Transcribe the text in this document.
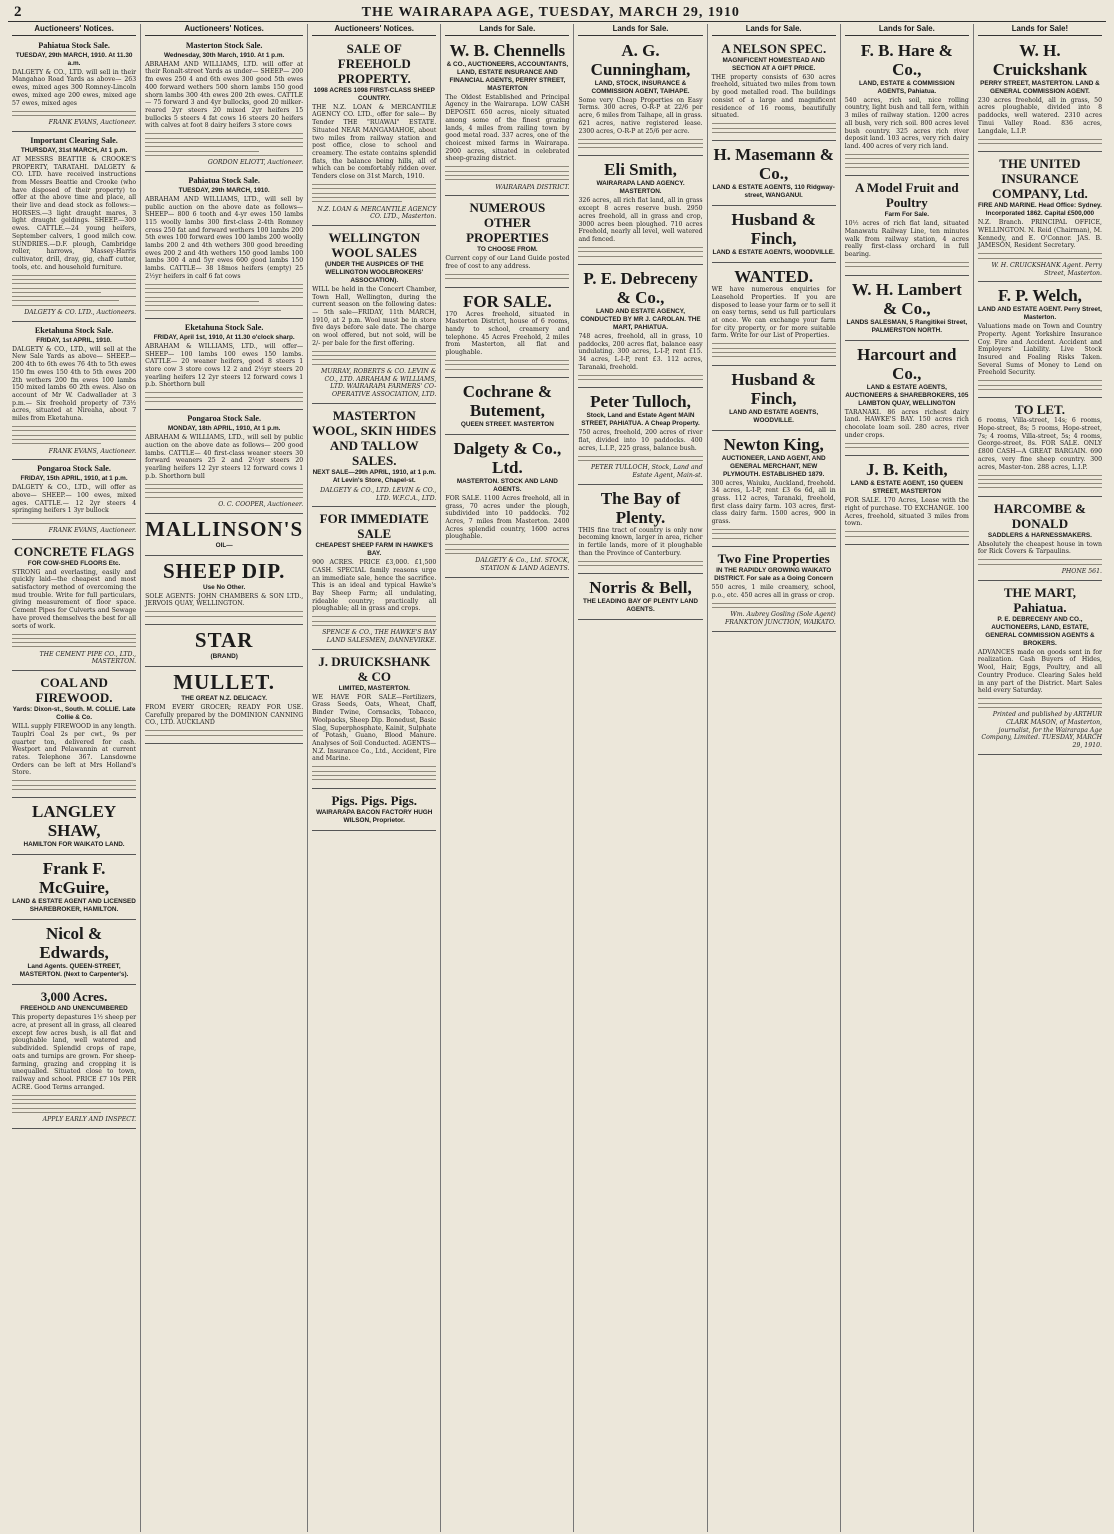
2	THE WAIRARAPA AGE, TUESDAY, MARCH 29, 1910
Auctioneers' Notices.
Pahiatua Stock Sale.
TUESDAY, 29th MARCH, 1910. At 11.30 a.m.
DALGETY & CO., LTD. will sell in their Mangahao Road Yards as above— 263 ewes, mixed ages 300 Romney-Lincoln ewes, mixed age 200 ewes, mixed age 57 ewes, mixed ages
FRANK EVANS, Auctioneer.
Important Clearing Sale.
THURSDAY, 31st MARCH, At 1 p.m.
AT MESSRS BEATTIE & CROOKE'S PROPERTY, TARATAHI. DALGETY & CO. LTD. have received instructions from Messrs Beattie and Crooke (who have disposed of their property) to offer at the above time and place, all their live and dead stock as follows:— HORSES.—3 light draught mares, 3 light draught geldings. SHEEP.—300 ewes. CATTLE.—24 young heifers, September calvers, 1 good milch cow. SUNDRIES.—D.F. plough, Cambridge roller, harrows, Massey-Harris cultivator, drill, dray, gig, chaff cutter, tools, etc. and household furniture.
DALGETY & CO. LTD., Auctioneers.
Eketahuna Stock Sale.
FRIDAY, 1st APRIL, 1910.
DALGETY & CO., LTD., will sell at the New Sale Yards as above— SHEEP.— 200 4th to 6th ewes 76 4th to 5th ewes 150 fm ewes 150 4th to 5th ewes 200 2th wethers 200 fm ewes 100 lambs 150 mixed lambs 60 2th ewes. Also on account of Mr W. Cadwallader at 3 p.m.— Six freehold property of 73½ acres, situated at Nireaha, about 7 miles from Eketahuna.
FRANK EVANS, Auctioneer.
Pongaroa Stock Sale.
FRIDAY, 15th APRIL, 1910, at 1 p.m.
DALGETY & CO., LTD., will offer as above— SHEEP.— 100 ewes, mixed ages. CATTLE.— 12 2yr steers 4 springing heifers 1 3yr bullock
FRANK EVANS, Auctioneer.
CONCRETE FLAGS
FOR COW-SHED FLOORS Etc.
STRONG and everlasting, easily and quickly laid—the cheapest and most satisfactory method of overcoming the mud trouble. Write for full particulars, giving measurement of floor space. Cement Pipes for Culverts and Sewage have proved themselves the best for all sorts of work.
THE CEMENT PIPE CO., LTD., MASTERTON.
COAL AND FIREWOOD.
Yards: Dixon-st., South. M. COLLIE. Late Collie & Co.
WILL supply FIREWOOD in any length. Tauplri Coal 2s per cwt., 9s per quarter ton, delivered for cash. Westport and Pelawannin at current rates. Telephone 367. Lansdowne Orders can be left at Mrs Holland's Store.
LANGLEY SHAW,
HAMILTON FOR WAIKATO LAND.
Frank F. McGuire,
LAND & ESTATE AGENT AND LICENSED SHAREBROKER, HAMILTON.
Nicol & Edwards,
Land Agents. QUEEN-STREET, MASTERTON. (Next to Carpenter's).
3,000 Acres.
FREEHOLD AND UNENCUMBERED
This property depastures 1½ sheep per acre, at present all in grass, all cleared except few acres bush, is all flat and ploughable land, well watered and subdivided. Splendid crops of rape, oats and turnips are grown. For sheep-farming, grazing and cropping it is unequalled. Situated close to town, railway and school. PRICE £7 10s PER ACRE. Good Terms arranged.
APPLY EARLY AND INSPECT.
Auctioneers' Notices.
Masterton Stock Sale.
Wednesday, 30th March, 1910. At 1 p.m.
ABRAHAM AND WILLIAMS, LTD. will offer at their Ronalt-street Yards as under— SHEEP— 200 fm ewes 250 4 and 6th ewes 300 good 5th ewes 400 forward wethers 500 shorn lambs 150 good shorn lambs 300 4th ewes 200 2th ewes. CATTLE— 75 forward 3 and 4yr bullocks, good 20 milker-reared 2yr steers 20 mixed 2yr heifers 15 bullocks 5 steers 4 fat cows 16 steers 20 heifers with calves at foot 8 dairy heifers 3 store cows
GORDON ELIOTT, Auctioneer.
Pahiatua Stock Sale.
TUESDAY, 29th MARCH, 1910.
ABRAHAM AND WILLIAMS, LTD., will sell by public auction on the above date as follows— SHEEP— 800 6 tooth and 4-yr ewes 150 lambs 115 woolly lambs 300 first-class 2-4th Romney cross 250 fat and forward wethers 100 lambs 200 5th ewes 100 forward ewes 100 lambs 200 woolly lambs 200 2 and 4th wethers 300 good breeding ewes 200 2 and 4th wethers 150 good lambs 100 lambs 300 4 and 5yr ewes 600 good lambs 150 lambs. CATTLE— 38 18mos heifers (empty) 25 2½yr heifers in calf 6 fat cows
Eketahuna Stock Sale.
FRIDAY, April 1st, 1910, At 11.30 o'clock sharp.
ABRAHAM & WILLIAMS, LTD., will offer— SHEEP— 100 lambs 100 ewes 150 lambs. CATTLE— 20 weaner heifers, good 8 steers 1 store cow 3 store cows 12 2 and 2½yr steers 20 yearling heifers 12 2yr steers 12 forward cows 1 p.b. Shorthorn bull
Pongaroa Stock Sale.
MONDAY, 18th APRIL, 1910, At 1 p.m.
ABRAHAM & WILLIAMS, LTD., will sell by public auction on the above date as follows— 200 good lambs. CATTLE— 40 first-class weaner steers 30 forward weaners 25 2 and 2½yr steers 20 yearling heifers 12 2yr steers 12 forward cows 1 p.b. Shorthorn bull
O. C. COOPER, Auctioneer.
MALLINSON'S
OIL—
SHEEP DIP.
Use No Other.
SOLE AGENTS: JOHN CHAMBERS & SON LTD., JERVOIS QUAY, WELLINGTON.
STAR
(BRAND)
MULLET.
THE GREAT N.Z. DELICACY.
FROM EVERY GROCER; READY FOR USE. Carefully prepared by the DOMINION CANNING CO., LTD. AUCKLAND
Auctioneers' Notices.
SALE OF FREEHOLD PROPERTY.
1098 ACRES 1098 FIRST-CLASS SHEEP COUNTRY.
THE N.Z. LOAN & MERCANTILE AGENCY CO. LTD., offer for sale— By Tender THE "RUAWAI" ESTATE. Situated NEAR MANGAMAHOE, about two miles from railway station and post office, close to school and creamery. The estate contains splendid flats, the balance being hills, all of which can be comfortably ridden over. Tenders close on 31st March, 1910.
N.Z. LOAN & MERCANTILE AGENCY CO. LTD., Masterton.
WELLINGTON WOOL SALES
(UNDER THE AUSPICES OF THE WELLINGTON WOOLBROKERS' ASSOCIATION).
WILL be held in the Concert Chamber, Town Hall, Wellington, during the current season on the following dates:— 5th sale—FRIDAY, 11th MARCH, 1910, at 2 p.m. Wool must be in store five days before sale date. The charge on wool offered, but not sold, will be 2/- per bale for the first offering.
MURRAY, ROBERTS & CO. LEVIN & CO., LTD. ABRAHAM & WILLIAMS, LTD. WAIRARAPA FARMERS' CO-OPERATIVE ASSOCIATION, LTD.
MASTERTON WOOL, SKIN HIDES AND TALLOW SALES.
NEXT SALE—29th APRIL, 1910, at 1 p.m. At Levin's Store, Chapel-st.
DALGETY & CO., LTD. LEVIN & CO., LTD. W.F.C.A., LTD.
FOR IMMEDIATE SALE
CHEAPEST SHEEP FARM IN HAWKE'S BAY.
900 ACRES. PRICE £3,000. £1,500 CASH. SPECIAL family reasons urge an immediate sale, hence the sacrifice. This is an ideal and typical Hawke's Bay Sheep Farm; all undulating, rideable country; practically all ploughable; all in grass and crops.
SPENCE & CO., THE HAWKE'S BAY LAND SALESMEN, DANNEVIRKE.
J. DRUICKSHANK & CO
LIMITED, MASTERTON.
WE HAVE FOR SALE—Fertilizers, Grass Seeds, Oats, Wheat, Chaff, Binder Twine, Cornsacks, Tobacco, Woolpacks, Sheep Dip. Bonedust, Basic Slag, Superphosphate, Kainit, Sulphate of Potash, Guano, Blood Manure. Analyses of Soil Conducted. AGENTS— N.Z. Insurance Co., Ltd., Accident, Fire and Marine.
Pigs. Pigs. Pigs.
WAIRARAPA BACON FACTORY HUGH WILSON, Proprietor.
Lands for Sale.
W. B. Chennells
& CO., AUCTIONEERS, ACCOUNTANTS, LAND, ESTATE INSURANCE AND FINANCIAL AGENTS, PERRY STREET, MASTERTON
The Oldest Established and Principal Agency in the Wairarapa. LOW CASH DEPOSIT. 650 acres, nicely situated among some of the finest grazing lands, 4 miles from railing town by good metal road. 337 acres, one of the choicest mixed farms in Wairarapa. 2900 acres, situated in celebrated sheep-grazing district.
WAIRARAPA DISTRICT.
NUMEROUS OTHER PROPERTIES
TO CHOOSE FROM.
Current copy of our Land Guide posted free of cost to any address.
FOR SALE.
170 Acres freehold, situated in Masterton District, house of 6 rooms, handy to school, creamery and telephone. 45 Acres Freehold, 2 miles from Masterton, all flat and ploughable.
Cochrane & Butement,
QUEEN STREET. MASTERTON
Dalgety & Co., Ltd.
MASTERTON. STOCK AND LAND AGENTS.
FOR SALE. 1100 Acres freehold, all in grass, 70 acres under the plough, subdivided into 10 paddocks. 702 Acres, 7 miles from Masterton. 2400 Acres splendid country, 1600 acres ploughable.
DALGETY & Co., Ltd. STOCK, STATION & LAND AGENTS.
Lands for Sale.
A. G. Cunningham,
LAND, STOCK, INSURANCE & COMMISSION AGENT, TAIHAPE.
Some very Cheap Properties on Easy Terms. 300 acres, O-R-P at 22/6 per acre, 6 miles from Taihape, all in grass. 621 acres, native registered lease. 2300 acres, O-R-P at 25/6 per acre.
Eli Smith,
WAIRARAPA LAND AGENCY. MASTERTON.
326 acres, all rich flat land, all in grass except 8 acres reserve bush. 2950 acres freehold, all in grass and crop, 3000 acres been ploughed. 710 acres Freehold, nearly all level, well watered and fenced.
P. E. Debreceny & Co.,
LAND AND ESTATE AGENCY, CONDUCTED BY MR J. CAROLAN. THE MART, PAHIATUA.
748 acres, freehold, all in grass, 10 paddocks, 200 acres flat, balance easy undulating. 300 acres, L-I-P, rent £15. 34 acres, L-I-P, rent £3. 112 acres, Taranaki, freehold.
Peter Tulloch,
Stock, Land and Estate Agent MAIN STREET, PAHIATUA. A Cheap Property.
750 acres, freehold, 200 acres of river flat, divided into 10 paddocks. 400 acres, L.I.P., 225 grass, balance bush.
PETER TULLOCH, Stock, Land and Estate Agent, Main-st.
The Bay of Plenty.
THIS fine tract of country is only now becoming known, larger in area, richer in fertile lands, more of it ploughable than the Province of Canterbury.
Norris & Bell,
THE LEADING BAY OF PLENTY LAND AGENTS.
Lands for Sale.
A NELSON SPEC.
MAGNIFICENT HOMESTEAD AND SECTION AT A GIFT PRICE.
THE property consists of 630 acres freehold, situated two miles from town by good metalled road. The buildings consist of a large and magnificent residence of 16 rooms, beautifully situated.
H. Masemann & Co.,
LAND & ESTATE AGENTS, 110 Ridgway-street, WANGANUI.
Husband & Finch,
LAND & ESTATE AGENTS, WOODVILLE.
WANTED.
WE have numerous enquiries for Leasehold Properties. If you are disposed to lease your farm or to sell it on easy terms, send us full particulars at once. We can exchange your farm for city property, or for more suitable farm. Write for our List of Properties.
Husband & Finch,
LAND AND ESTATE AGENTS, WOODVILLE.
Newton King,
AUCTIONEER, LAND AGENT, AND GENERAL MERCHANT, NEW PLYMOUTH. ESTABLISHED 1879.
300 acres, Waiuku, Auckland, freehold. 34 acres, L-I-P, rent £3 6s 6d, all in grass. 112 acres, Taranaki, freehold, first class dairy farm. 103 acres, first-class dairy farm. 1500 acres, 900 in grass.
Two Fine Properties
IN THE RAPIDLY GROWING WAIKATO DISTRICT. For sale as a Going Concern
550 acres, 1 mile creamery, school, p.o., etc. 450 acres all in grass or crop.
Wm. Aubrey Gosling (Sole Agent) FRANKTON JUNCTION, WAIKATO.
Lands for Sale.
F. B. Hare & Co.,
LAND, ESTATE & COMMISSION AGENTS, Pahiatua.
540 acres, rich soil, nice rolling country, light bush and tall fern, within 3 miles of railway station. 1200 acres all bush, very rich soil. 800 acres level bush country. 325 acres rich river deposit land. 103 acres, very rich dairy land. 400 acres of very rich land.
A Model Fruit and Poultry
Farm For Sale.
10½ acres of rich flat land, situated Manawatu Railway Line, ten minutes walk from railway station, 4 acres really first-class orchard in full bearing.
W. H. Lambert & Co.,
LANDS SALESMAN, 5 Rangitikei Street, PALMERSTON NORTH.
Harcourt and Co.,
LAND & ESTATE AGENTS, AUCTIONEERS & SHAREBROKERS, 105 LAMBTON QUAY, WELLINGTON
TARANAKI. 86 acres richest dairy land. HAWKE'S BAY. 150 acres rich chocolate loam soil. 280 acres, river under crops.
J. B. Keith,
LAND & ESTATE AGENT, 150 QUEEN STREET, MASTERTON
FOR SALE. 170 Acres, Lease with the right of purchase. TO EXCHANGE. 100 Acres, freehold, situated 3 miles from town.
Lands for Sale!
W. H. Cruickshank
PERRY STREET, MASTERTON. LAND & GENERAL COMMISSION AGENT.
230 acres freehold, all in grass, 50 acres ploughable, divided into 8 paddocks, well watered. 2310 acres Tinui Valley Road. 836 acres, Langdale, L.I.P.
THE UNITED INSURANCE COMPANY, Ltd.
FIRE AND MARINE. Head Office: Sydney. Incorporated 1862. Capital £500,000
N.Z. Branch. PRINCIPAL OFFICE, WELLINGTON. N. Reid (Chairman), M. Kennedy, and E. O'Connor. JAS. B. JAMESON, Resident Secretary.
W. H. CRUICKSHANK Agent. Perry Street, Masterton.
F. P. Welch,
LAND AND ESTATE AGENT. Perry Street, Masterton.
Valuations made on Town and Country Property. Agent Yorkshire Insurance Coy. Fire and Accident. Accident and Employers' Liability. Live Stock Insured and Foaling Risks Taken. Several Sums of Money to Lend on Freehold Security.
TO LET.
6 rooms, Villa-street, 14s; 6 rooms, Hope-street, 8s; 5 rooms, Hope-street, 7s; 4 rooms, Villa-street, 5s; 4 rooms, George-street, 8s. FOR SALE. ONLY £800 CASH—A GREAT BARGAIN. 690 acres, very fine sheep country. 300 acres, Master-ton. 288 acres, L.I.P.
HARCOMBE & DONALD
SADDLERS & HARNESSMAKERS.
Absolutely the cheapest house in town for Rick Covers & Tarpaulins.
PHONE 561.
THE MART, Pahiatua.
P. E. DEBRECENY AND CO., AUCTIONEERS, LAND, ESTATE, GENERAL COMMISSION AGENTS & BROKERS.
ADVANCES made on goods sent in for realization. Cash Buyers of Hides, Wool, Hair, Eggs, Poultry, and all Country Produce. Clearing Sales held in any part of the District. Mart Sales held every Saturday.
Printed and published by ARTHUR CLARK MASON, of Masterton, journalist, for the Wairarapa Age Company, Limited. TUESDAY, MARCH 29, 1910.
